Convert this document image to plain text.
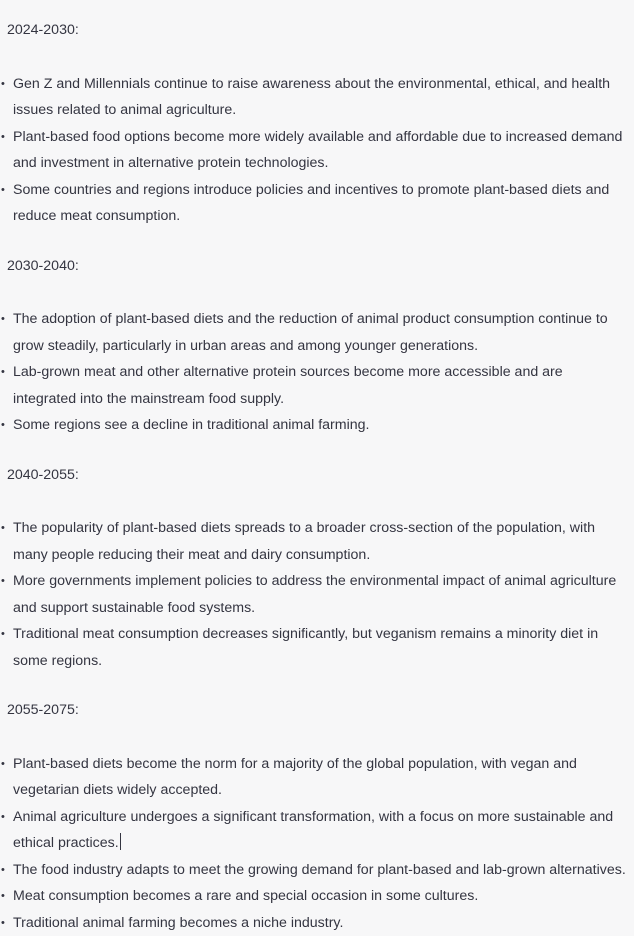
2024-2030:
• Gen Z and Millennials continue to raise awareness about the environmental, ethical, and health issues related to animal agriculture.
• Plant-based food options become more widely available and affordable due to increased demand and investment in alternative protein technologies.
• Some countries and regions introduce policies and incentives to promote plant-based diets and reduce meat consumption.
2030-2040:
• The adoption of plant-based diets and the reduction of animal product consumption continue to grow steadily, particularly in urban areas and among younger generations.
• Lab-grown meat and other alternative protein sources become more accessible and are integrated into the mainstream food supply.
• Some regions see a decline in traditional animal farming.
2040-2055:
• The popularity of plant-based diets spreads to a broader cross-section of the population, with many people reducing their meat and dairy consumption.
• More governments implement policies to address the environmental impact of animal agriculture and support sustainable food systems.
• Traditional meat consumption decreases significantly, but veganism remains a minority diet in some regions.
2055-2075:
• Plant-based diets become the norm for a majority of the global population, with vegan and vegetarian diets widely accepted.
• Animal agriculture undergoes a significant transformation, with a focus on more sustainable and ethical practices.
• The food industry adapts to meet the growing demand for plant-based and lab-grown alternatives.
• Meat consumption becomes a rare and special occasion in some cultures.
• Traditional animal farming becomes a niche industry.
